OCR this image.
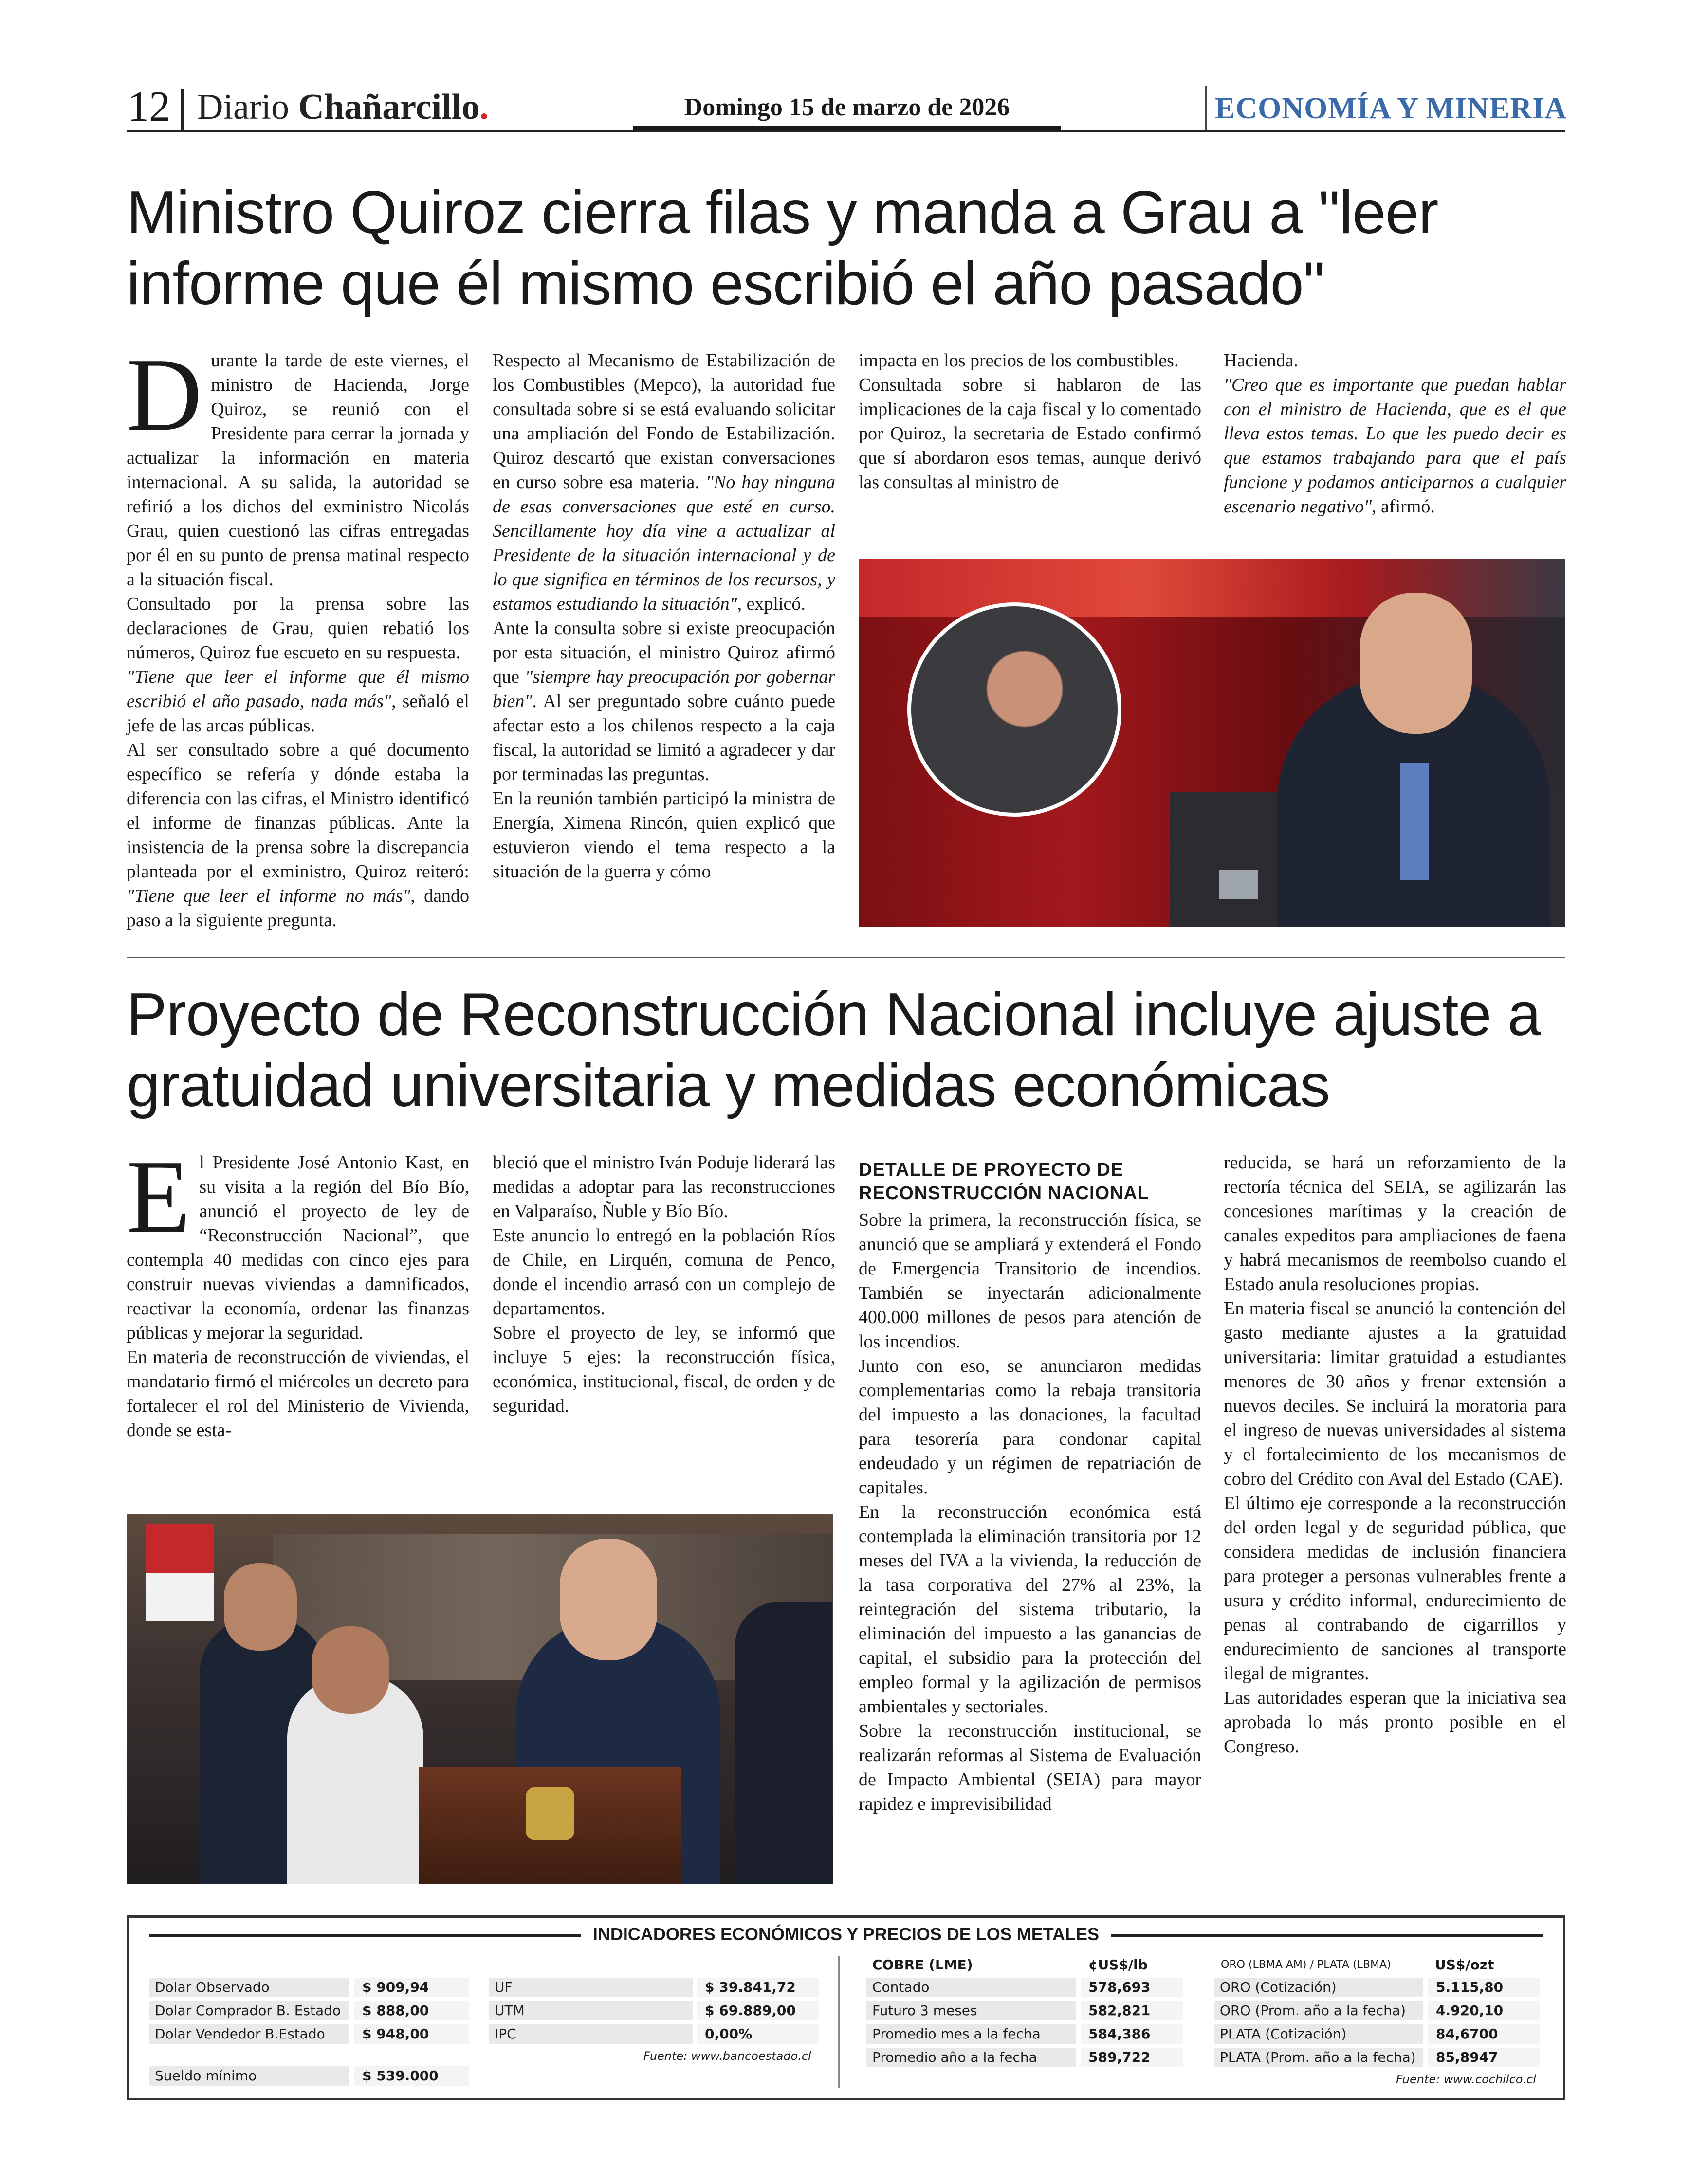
12 Diario Chañarcillo.	Domingo 15 de marzo de 2026	ECONOMÍA Y MINERIA
Ministro Quiroz cierra filas y manda a Grau a "leer informe que él mismo escribió el año pasado"
D urante la tarde de este viernes, el ministro de Hacienda, Jorge Quiroz, se reunió con el Presidente para cerrar la jornada y actualizar la información en materia internacional. A su salida, la autoridad se refirió a los dichos del exministro Nicolás Grau, quien cuestionó las cifras entregadas por él en su punto de prensa matinal respecto a la situación fiscal.

Consultado por la prensa sobre las declaraciones de Grau, quien rebatió los números, Quiroz fue escueto en su respuesta.

"Tiene que leer el informe que él mismo escribió el año pasado, nada más", señaló el jefe de las arcas públicas.

Al ser consultado sobre a qué documento específico se refería y dónde estaba la diferencia con las cifras, el Ministro identificó el informe de finanzas públicas. Ante la insistencia de la prensa sobre la discrepancia planteada por el exministro, Quiroz reiteró: "Tiene que leer el informe no más", dando paso a la siguiente pregunta.

Respecto al Mecanismo de Estabilización de los Combustibles (Mepco), la autoridad fue consultada sobre si se está evaluando solicitar una ampliación del Fondo de Estabilización. Quiroz descartó que existan conversaciones en curso sobre esa materia. "No hay ninguna de esas conversaciones que esté en curso. Sencillamente hoy día vine a actualizar al Presidente de la situación internacional y de lo que significa en términos de los recursos, y estamos estudiando la situación", explicó.

Ante la consulta sobre si existe preocupación por esta situación, el ministro Quiroz afirmó que "siempre hay preocupación por gobernar bien". Al ser preguntado sobre cuánto puede afectar esto a los chilenos respecto a la caja fiscal, la autoridad se limitó a agradecer y dar por terminadas las preguntas.

En la reunión también participó la ministra de Energía, Ximena Rincón, quien explicó que estuvieron viendo el tema respecto a la situación de la guerra y cómo

impacta en los precios de los combustibles.

Consultada sobre si hablaron de las implicaciones de la caja fiscal y lo comentado por Quiroz, la secretaria de Estado confirmó que sí abordaron esos temas, aunque derivó las consultas al ministro de

Hacienda.

"Creo que es importante que puedan hablar con el ministro de Hacienda, que es el que lleva estos temas. Lo que les puedo decir es que estamos trabajando para que el país funcione y podamos anticiparnos a cualquier escenario negativo", afirmó.

Proyecto de Reconstrucción Nacional incluye ajuste a gratuidad universitaria y medidas económicas
E l Presidente José Antonio Kast, en su visita a la región del Bío Bío, anunció el proyecto de ley de “Reconstrucción Nacional”, que contempla 40 medidas con cinco ejes para construir nuevas viviendas a damnificados, reactivar la economía, ordenar las finanzas públicas y mejorar la seguridad.

En materia de reconstrucción de viviendas, el mandatario firmó el miércoles un decreto para fortalecer el rol del Ministerio de Vivienda, donde se esta-

bleció que el ministro Iván Poduje liderará las medidas a adoptar para las reconstrucciones en Valparaíso, Ñuble y Bío Bío.

Este anuncio lo entregó en la población Ríos de Chile, en Lirquén, comuna de Penco, donde el incendio arrasó con un complejo de departamentos.

Sobre el proyecto de ley, se informó que incluye 5 ejes: la reconstrucción física, económica, institucional, fiscal, de orden y de seguridad.

DETALLE DE PROYECTO DE RECONSTRUCCIÓN NACIONAL

Sobre la primera, la reconstrucción física, se anunció que se ampliará y extenderá el Fondo de Emergencia Transitorio de incendios. También se inyectarán adicionalmente 400.000 millones de pesos para atención de los incendios.

Junto con eso, se anunciaron medidas complementarias como la rebaja transitoria del impuesto a las donaciones, la facultad para tesorería para condonar capital endeudado y un régimen de repatriación de capitales.

En la reconstrucción económica está contemplada la eliminación transitoria por 12 meses del IVA a la vivienda, la reducción de la tasa corporativa del 27% al 23%, la reintegración del sistema tributario, la eliminación del impuesto a las ganancias de capital, el subsidio para la protección del empleo formal y la agilización de permisos ambientales y sectoriales.

Sobre la reconstrucción institucional, se realizarán reformas al Sistema de Evaluación de Impacto Ambiental (SEIA) para mayor rapidez e imprevisibilidad

reducida, se hará un reforzamiento de la rectoría técnica del SEIA, se agilizarán las concesiones marítimas y la creación de canales expeditos para ampliaciones de faena y habrá mecanismos de reembolso cuando el Estado anula resoluciones propias.

En materia fiscal se anunció la contención del gasto mediante ajustes a la gratuidad universitaria: limitar gratuidad a estudiantes menores de 30 años y frenar extensión a nuevos deciles. Se incluirá la moratoria para el ingreso de nuevas universidades al sistema y el fortalecimiento de los mecanismos de cobro del Crédito con Aval del Estado (CAE).

El último eje corresponde a la reconstrucción del orden legal y de seguridad pública, que considera medidas de inclusión financiera para proteger a personas vulnerables frente a usura y crédito informal, endurecimiento de penas al contrabando de cigarrillos y endurecimiento de sanciones al transporte ilegal de migrantes.

Las autoridades esperan que la iniciativa sea aprobada lo más pronto posible en el Congreso.

INDICADORES ECONÓMICOS Y PRECIOS DE LOS METALES
Dolar Observado	$ 909,94
Dolar Comprador B. Estado	$ 888,00
Dolar Vendedor B.Estado	$ 948,00
Sueldo mínimo	$ 539.000
UF	$ 39.841,72
UTM	$ 69.889,00
IPC	0,00%
Fuente: www.bancoestado.cl
COBRE (LME)	¢US$/lb
Contado	578,693
Futuro 3 meses	582,821
Promedio mes a la fecha	584,386
Promedio año a la fecha	589,722
ORO (LBMA AM) / PLATA (LBMA)	US$/ozt
ORO (Cotización)	5.115,80
ORO (Prom. año a la fecha)	4.920,10
PLATA (Cotización)	84,6700
PLATA (Prom. año a la fecha)	85,8947
Fuente: www.cochilco.cl
